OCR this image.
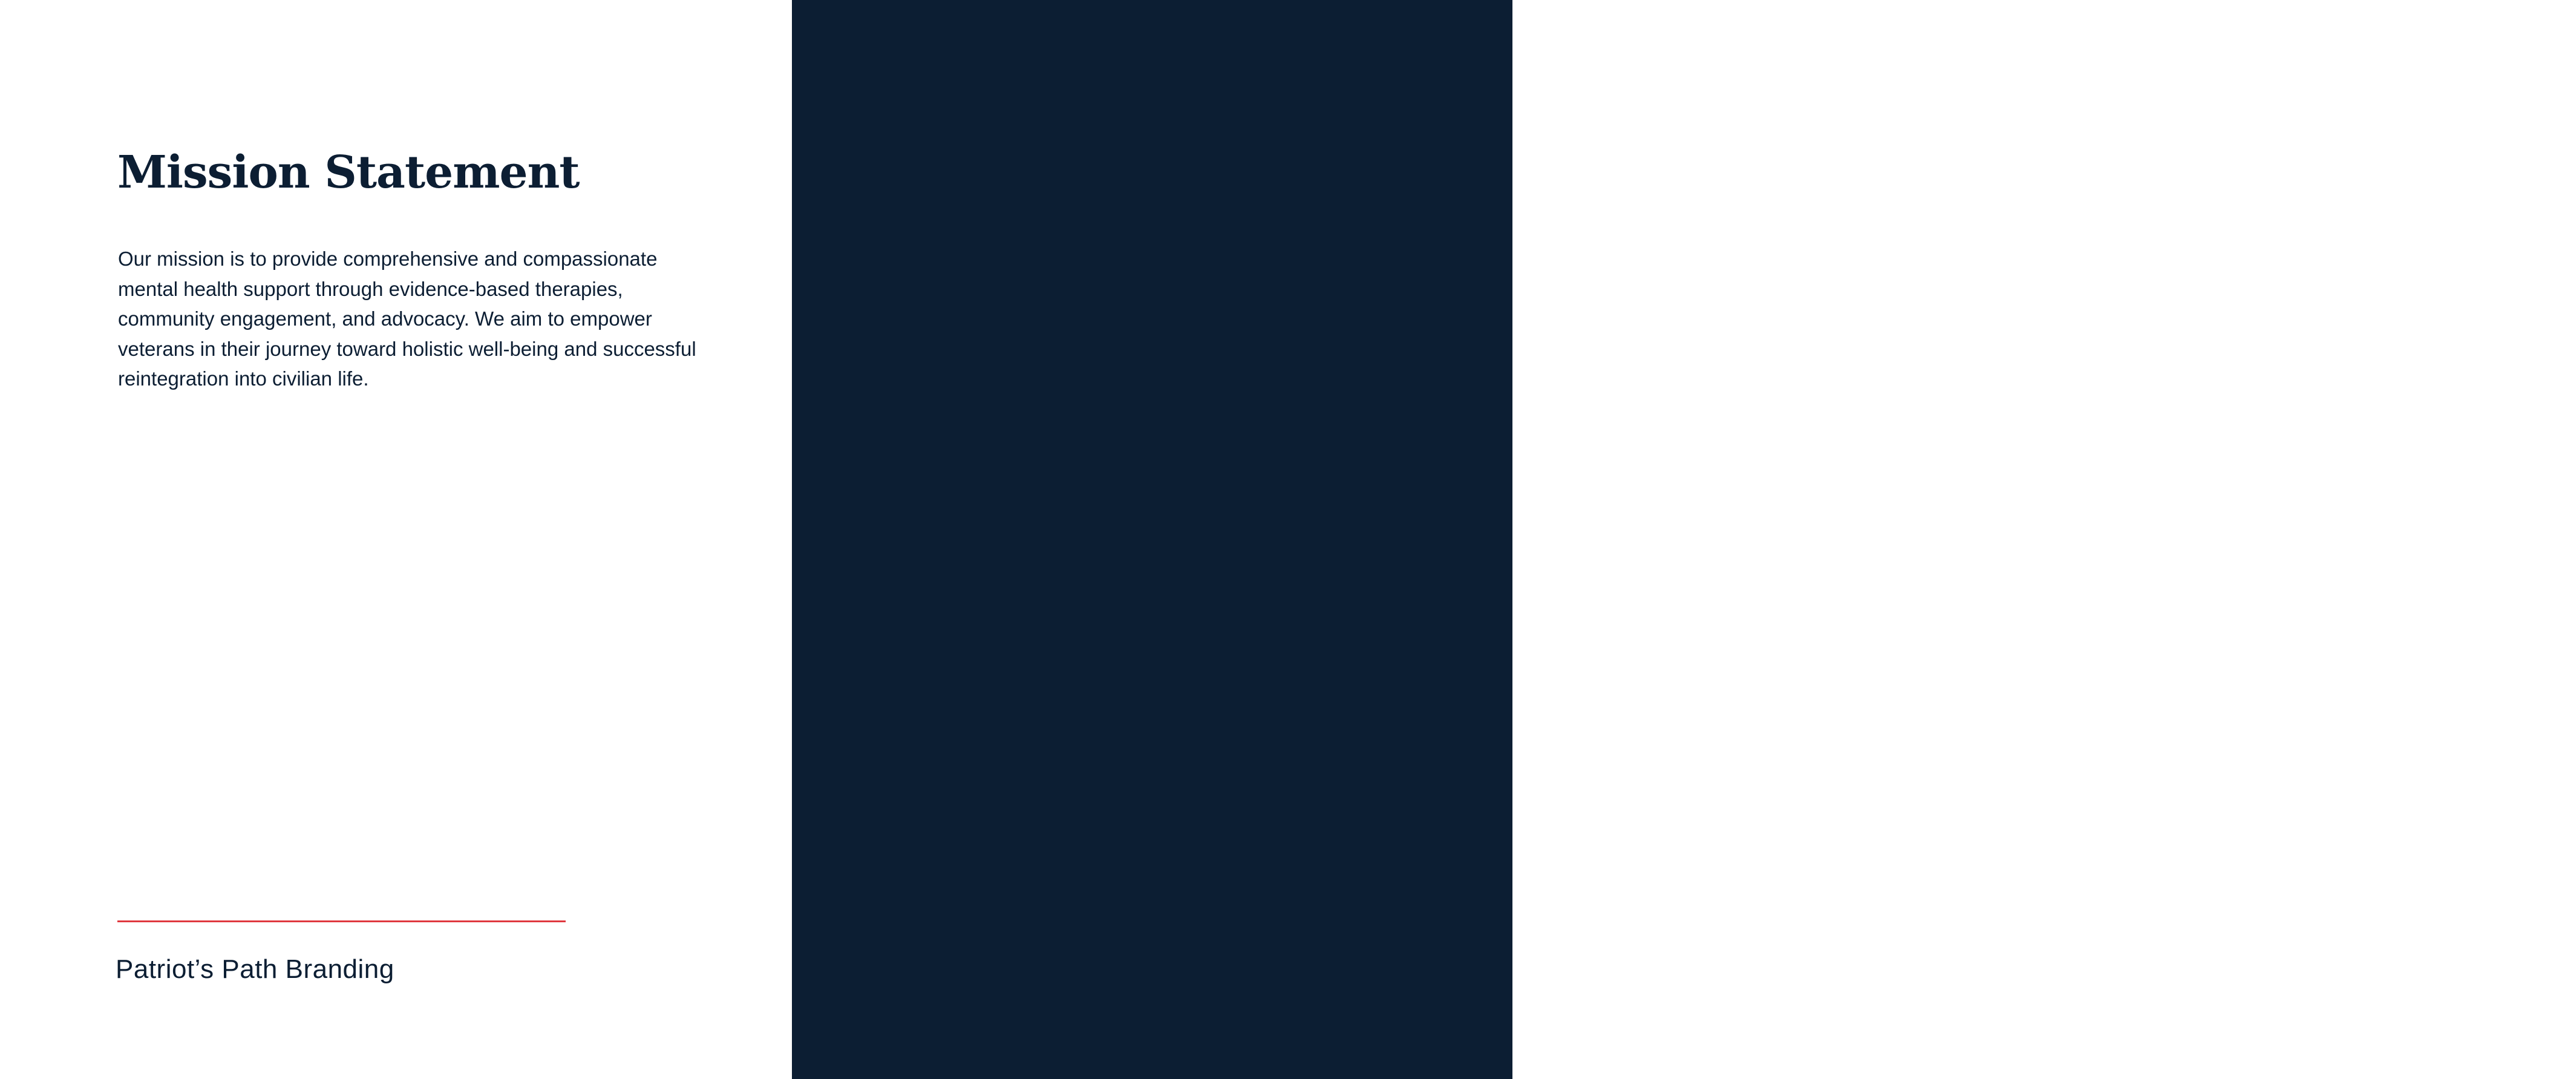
Mission Statement

Our mission is to provide comprehensive and compassionate mental health support through evidence-based therapies, community engagement, and advocacy. We aim to empower veterans in their journey toward holistic well-being and successful reintegration into civilian life.

Patriot’s Path Branding

Table of Contents
Logo Variations ......................................................... 02
Logo Design Overview ......................................................... 03
Color Palette ......................................................... 04
Typography ......................................................... 05
Icons Overview ......................................................... 06
Brand Application ......................................................... 07
